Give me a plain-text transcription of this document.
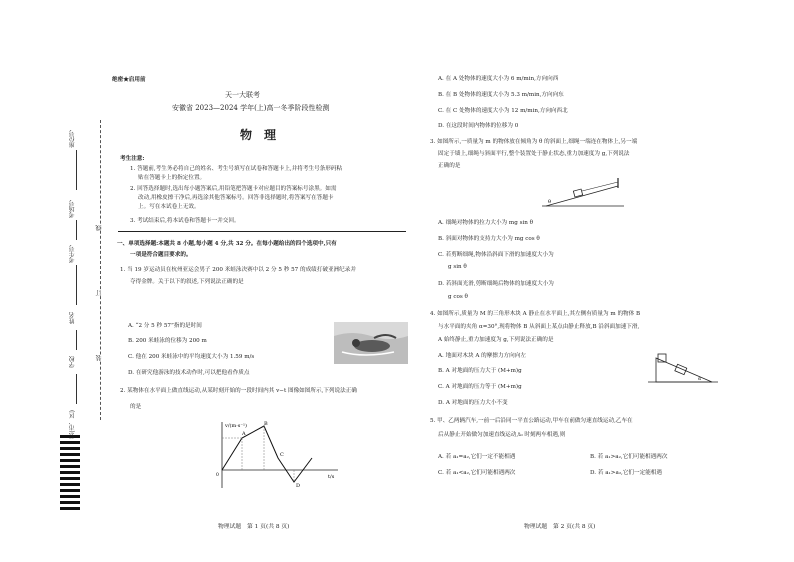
座位号
考场号
考生号
姓名
学校
县(市、区)
线
订
装
绝密★启用前
天一大联考
安徽省 2023—2024 学年(上)高一冬季阶段性检测
物　理
考生注意:
1. 答题前,考生务必将自己的姓名、考生号填写在试卷和答题卡上,并将考生号条形码粘
贴在答题卡上的指定位置。
2. 回答选择题时,选出每小题答案后,用铅笔把答题卡对应题目的答案标号涂黑。如需
改动,用橡皮擦干净后,再选涂其他答案标号。回答非选择题时,将答案写在答题卡
上。写在本试卷上无效。
3. 考试结束后,将本试卷和答题卡一并交回。
一、单项选择题:本题共 8 小题,每小题 4 分,共 32 分。在每小题给出的四个选项中,只有
一项是符合题目要求的。
1. 当 19 岁运动员在杭州亚运会男子 200 米蛙泳决赛中以 2 分 5 秒 57 的成绩打破亚洲纪录并
夺得金牌。关于以下的叙述,下列说法正确的是
A. “2 分 5 秒 57”指的是时间
B. 200 米蛙泳的位移为 200 m
C. 他在 200 米蛙泳中的平均速度大小为 1.59 m/s
D. 在研究他游泳的技术动作时,可以把他看作质点
2. 某物体在水平面上做直线运动,从某时刻开始的一段时间内其 v−t 图像如图所示,下列说法正确
的是
v/(m·s⁻¹)
t/s
A
B
C
D
0
物理试题　第 1 页(共 8 页)
A. 在 A 处物体的速度大小为 6 m/min,方向向西
B. 在 B 处物体的速度大小为 5.3 m/min,方向向东
C. 在 C 处物体的速度大小为 12 m/min,方向向西北
D. 在这段时间内物体的位移为 0
3. 如图所示,一质量为 m 的物体放在倾角为 θ 的斜面上,细绳一端连在物体上,另一端
固定于墙上,细绳与斜面平行,整个装置处于静止状态,重力加速度为 g,下列说法
正确的是
θ
A. 细绳对物体的拉力大小为 mg sin θ
B. 斜面对物体的支持力大小为 mg cos θ
C. 若剪断细绳,物体沿斜面下滑的加速度大小为
g sin θ
D. 若斜面光滑,剪断细绳后物体的加速度大小为
g cos θ
4. 如图所示,质量为 M 的三角形木块 A 静止在水平面上,其左侧有质量为 m 的物体 B
与水平面的夹角 α=30°,现将物体 B 从斜面上某点由静止释放,B 沿斜面加速下滑,
A 始终静止,重力加速度为 g,下列说法正确的是
α
A. 地面对木块 A 的摩擦力方向向左
B. A 对地面的压力大于 (M+m)g
C. A 对地面的压力等于 (M+m)g
D. A 对地面的压力大小不变
5. 甲、乙两辆汽车,一前一后沿同一平直公路运动,甲车在前做匀速直线运动,乙车在
后从静止开始做匀加速直线运动,t₀ 时刻两车相遇,则
A. 若 a₁=a₂,它们一定不能相遇	B. 若 a₁>a₂,它们可能相遇两次
C. 若 a₁<a₂,它们可能相遇两次	D. 若 a₁>a₂,它们一定能相遇
物理试题　第 2 页(共 8 页)
